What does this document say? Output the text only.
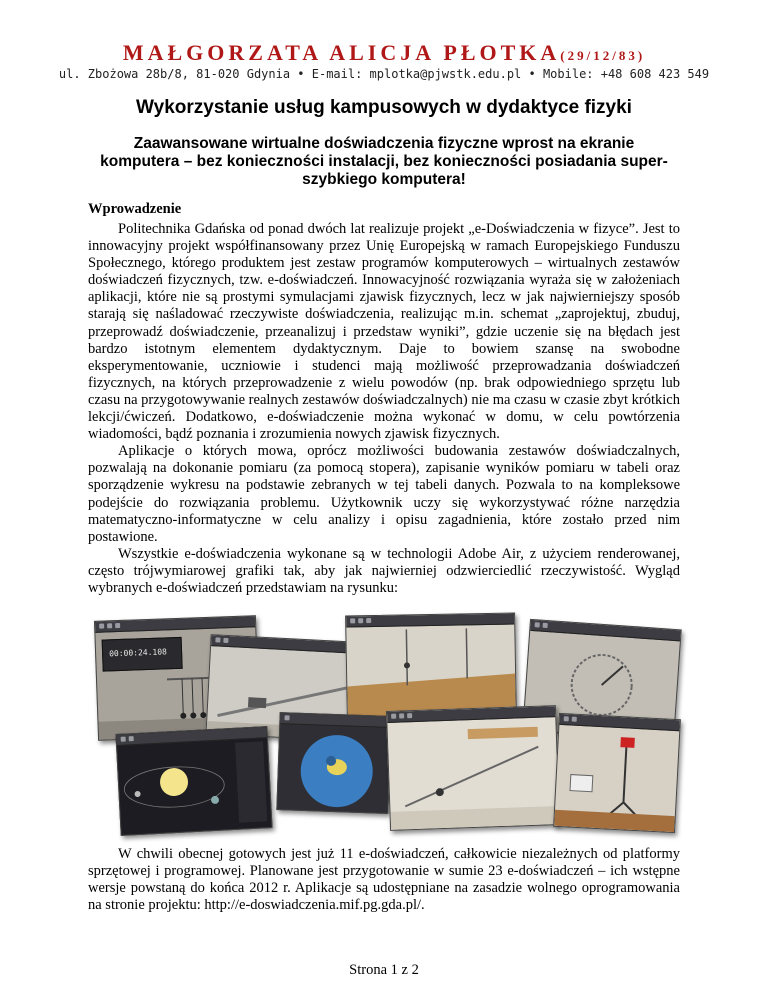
MAŁGORZATA ALICJA PŁOTKA(29/12/83)
ul. Zbożowa 28b/8, 81-020 Gdynia • E-mail: mplotka@pjwstk.edu.pl • Mobile: +48 608 423 549
Wykorzystanie usług kampusowych w dydaktyce fizyki
Zaawansowane wirtualne doświadczenia fizyczne wprost na ekranie komputera – bez konieczności instalacji, bez konieczności posiadania super-szybkiego komputera!
Wprowadzenie

Politechnika Gdańska od ponad dwóch lat realizuje projekt „e-Doświadczenia w fizyce”. Jest to innowacyjny projekt współfinansowany przez Unię Europejską w ramach Europejskiego Funduszu Społecznego, którego produktem jest zestaw programów komputerowych – wirtualnych zestawów doświadczeń fizycznych, tzw. e-doświadczeń. Innowacyjność rozwiązania wyraża się w założeniach aplikacji, które nie są prostymi symulacjami zjawisk fizycznych, lecz w jak najwierniejszy sposób starają się naśladować rzeczywiste doświadczenia, realizując m.in. schemat „zaprojektuj, zbuduj, przeprowadź doświadczenie, przeanalizuj i przedstaw wyniki”, gdzie uczenie się na błędach jest bardzo istotnym elementem dydaktycznym. Daje to bowiem szansę na swobodne eksperymentowanie, uczniowie i studenci mają możliwość przeprowadzania doświadczeń fizycznych, na których przeprowadzenie z wielu powodów (np. brak odpowiedniego sprzętu lub czasu na przygotowywanie realnych zestawów doświadczalnych) nie ma czasu w czasie zbyt krótkich lekcji/ćwiczeń. Dodatkowo, e-doświadczenie można wykonać w domu, w celu powtórzenia wiadomości, bądź poznania i zrozumienia nowych zjawisk fizycznych.

Aplikacje o których mowa, oprócz możliwości budowania zestawów doświadczalnych, pozwalają na dokonanie pomiaru (za pomocą stopera), zapisanie wyników pomiaru w tabeli oraz sporządzenie wykresu na podstawie zebranych w tej tabeli danych. Pozwala to na kompleksowe podejście do rozwiązania problemu. Użytkownik uczy się wykorzystywać różne narzędzia matematyczno-informatyczne w celu analizy i opisu zagadnienia, które zostało przed nim postawione.

Wszystkie e-doświadczenia wykonane są w technologii Adobe Air, z użyciem renderowanej, często trójwymiarowej grafiki tak, aby jak najwierniej odzwierciedlić rzeczywistość. Wygląd wybranych e-doświadczeń przedstawiam na rysunku:

00:00:24.108

W chwili obecnej gotowych jest już 11 e-doświadczeń, całkowicie niezależnych od platformy sprzętowej i programowej. Planowane jest przygotowanie w sumie 23 e-doświadczeń – ich wstępne wersje powstaną do końca 2012 r. Aplikacje są udostępniane na zasadzie wolnego oprogramowania na stronie projektu: http://e-doswiadczenia.mif.pg.gda.pl/.

Strona 1 z 2
